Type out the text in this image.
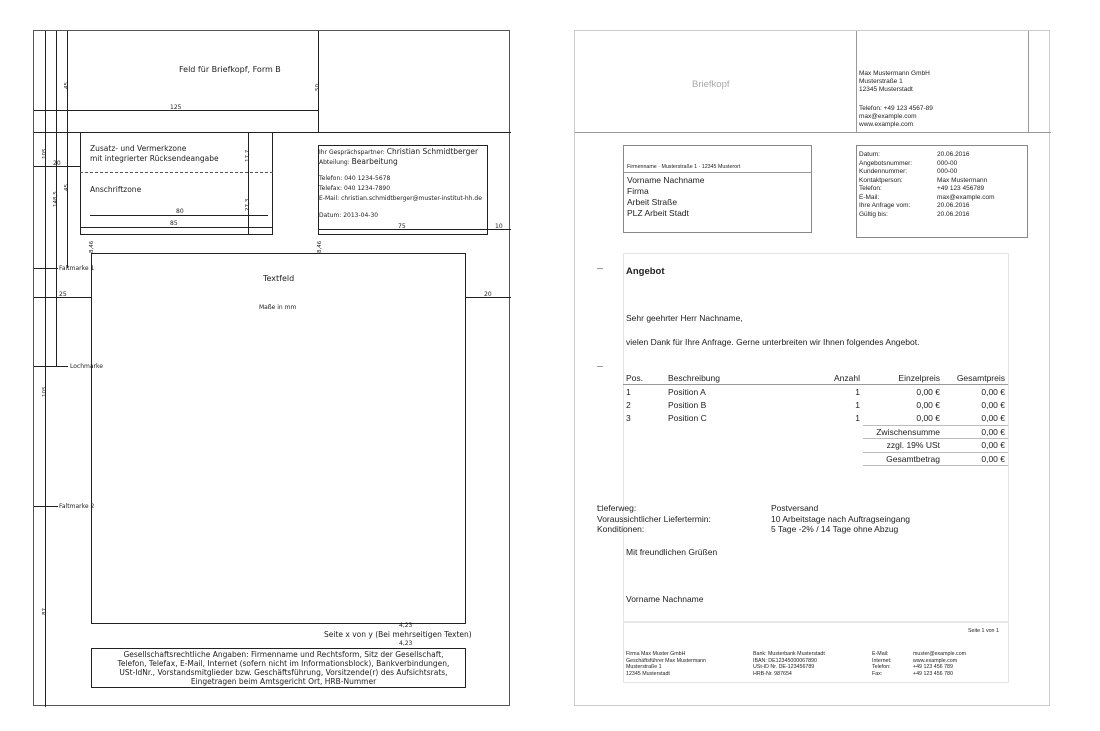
Feld für Briefkopf, Form B
45
105
45
148,5
105
87
50
125
20
Zusatz- und Vermerkzone
mit integrierter Rücksendeangabe
Anschriftzone
17,7
27,3
80
85
Ihr Gesprächspartner: Christian Schmidtberger
Abteilung: Bearbeitung
Telefon: 040 1234-5678
Telefax: 040 1234-7890
E-Mail: christian.schmidtberger@muster-institut-hh.de
Datum: 2013-04-30
75	10
8,46	8,46
Faltmarke 1
Lochmarke
Faltmarke 2
25	20
Textfeld
Maße in mm
4,23
Seite x von y (Bei mehrseitigen Texten)
4,23
Gesellschaftsrechtliche Angaben: Firmenname und Rechtsform, Sitz der Gesellschaft,
Telefon, Telefax, E-Mail, Internet (sofern nicht im Informationsblock), Bankverbindungen,
USt-IdNr., Vorstandsmitglieder bzw. Geschäftsführung, Vorsitzende(r) des Aufsichtsrats,
Eingetragen beim Amtsgericht Ort, HRB-Nummer
Briefkopf
Max Mustermann GmbH
Musterstraße 1
12345 Musterstadt
Telefon: +49 123 4567-89
max@example.com
www.example.com
Firmenname · Musterstraße 1 · 12345 Musterort
Vorname Nachname
Firma
Arbeit Straße
PLZ Arbeit Stadt
Datum:	20.06.2016
Angebotsnummer:	000-00
Kundennummer:	000-00
Kontaktperson:	Max Mustermann
Telefon:	+49 123 456789
E-Mail:	max@example.com
Ihre Anfrage vom:	20.06.2016
Gültig bis:	20.06.2016
Angebot
Sehr geehrter Herr Nachname,
vielen Dank für Ihre Anfrage. Gerne unterbreiten wir Ihnen folgendes Angebot.
Pos.	Beschreibung	Anzahl	Einzelpreis	Gesamtpreis
1	Position A	1	0,00 €	0,00 €
2	Position B	1	0,00 €	0,00 €
3	Position C	1	0,00 €	0,00 €
			Zwischensumme	0,00 €
			zzgl. 19% USt	0,00 €
			Gesamtbetrag	0,00 €
Lieferweg:	Postversand
Voraussichtlicher Liefertermin:	10 Arbeitstage nach Auftragseingang
Konditionen:	5 Tage -2% / 14 Tage ohne Abzug
Mit freundlichen Grüßen
Vorname Nachname
Seite 1 von 1
Firma Max Muster GmbH
Geschäftsführer Max Mustermann
Musterstraße 1
12345 Musterstadt
Bank: Musterbank Musterstadt
IBAN: DE12345000067890
USt-ID Nr. DE-123456789
HRB-Nr. 987654
E-Mail:	muster@example.com
Internet:	www.example.com
Telefon:	+49 123 456 789
Fax:	+49 123 456 780
